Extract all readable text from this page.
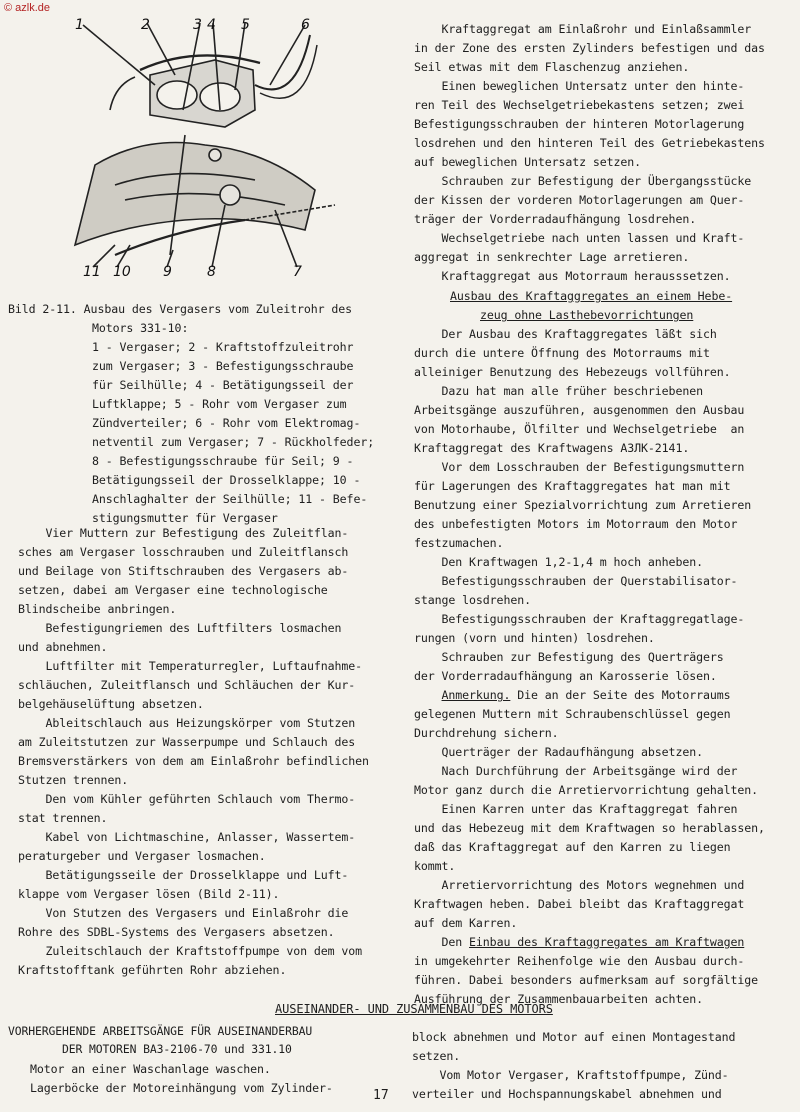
© azlk.de
1	2	3 4 5	6
11 10 9	8	7
Bild 2-11. Ausbau des Vergasers vom Zuleitrohr des
Motors 331-10:
1 - Vergaser; 2 - Kraftstoffzuleitrohr
zum Vergaser; 3 - Befestigungsschraube
für Seilhülle; 4 - Betätigungsseil der
Luftklappe; 5 - Rohr vom Vergaser zum
Zündverteiler; 6 - Rohr vom Elektromag-
netventil zum Vergaser; 7 - Rückholfeder;
8 - Befestigungsschraube für Seil; 9 -
Betätigungsseil der Drosselklappe; 10 -
Anschlaghalter der Seilhülle; 11 - Befe-
stigungsmutter für Vergaser
Vier Muttern zur Befestigung des Zuleitflan-
sches am Vergaser losschrauben und Zuleitflansch
und Beilage von Stiftschrauben des Vergasers ab-
setzen, dabei am Vergaser eine technologische
Blindscheibe anbringen.
Befestigungriemen des Luftfilters losmachen
und abnehmen.
Luftfilter mit Temperaturregler, Luftaufnahme-
schläuchen, Zuleitflansch und Schläuchen der Kur-
belgehäuselüftung absetzen.
Ableitschlauch aus Heizungskörper vom Stutzen
am Zuleitstutzen zur Wasserpumpe und Schlauch des
Bremsverstärkers von dem am Einlaßrohr befindlichen
Stutzen trennen.
Den vom Kühler geführten Schlauch vom Thermo-
stat trennen.
Kabel von Lichtmaschine, Anlasser, Wassertem-
peraturgeber und Vergaser losmachen.
Betätigungsseile der Drosselklappe und Luft-
klappe vom Vergaser lösen (Bild 2-11).
Von Stutzen des Vergasers und Einlaßrohr die
Rohre des SDBL-Systems des Vergasers absetzen.
Zuleitschlauch der Kraftstoffpumpe von dem vom
Kraftstofftank geführten Rohr abziehen.
Kraftaggregat am Einlaßrohr und Einlaßsammler
in der Zone des ersten Zylinders befestigen und das
Seil etwas mit dem Flaschenzug anziehen.
Einen beweglichen Untersatz unter den hinte-
ren Teil des Wechselgetriebekastens setzen; zwei
Befestigungsschrauben der hinteren Motorlagerung
losdrehen und den hinteren Teil des Getriebekastens
auf beweglichen Untersatz setzen.
Schrauben zur Befestigung der Übergangsstücke
der Kissen der vorderen Motorlagerungen am Quer-
träger der Vorderradaufhängung losdrehen.
Wechselgetriebe nach unten lassen und Kraft-
aggregat in senkrechter Lage arretieren.
Kraftaggregat aus Motorraum herausssetzen.
Ausbau des Kraftaggregates an einem Hebe-
zeug ohne Lasthebevorrichtungen
Der Ausbau des Kraftaggregates läßt sich
durch die untere Öffnung des Motorraums mit
alleiniger Benutzung des Hebezeugs vollführen.
Dazu hat man alle früher beschriebenen
Arbeitsgänge auszuführen, ausgenommen den Ausbau
von Motorhaube, Ölfilter und Wechselgetriebe  an
Kraftaggregat des Kraftwagens АЗЛК-2141.
Vor dem Losschrauben der Befestigungsmuttern
für Lagerungen des Kraftaggregates hat man mit
Benutzung einer Spezialvorrichtung zum Arretieren
des unbefestigten Motors im Motorraum den Motor
festzumachen.
Den Kraftwagen 1,2-1,4 m hoch anheben.
Befestigungsschrauben der Querstabilisator-
stange losdrehen.
Befestigungsschrauben der Kraftaggregatlage-
rungen (vorn und hinten) losdrehen.
Schrauben zur Befestigung des Querträgers
der Vorderradaufhängung an Karosserie lösen.
Anmerkung. Die an der Seite des Motorraums
gelegenen Muttern mit Schraubenschlüssel gegen
Durchdrehung sichern.
Querträger der Radaufhängung absetzen.
Nach Durchführung der Arbeitsgänge wird der
Motor ganz durch die Arretiervorrichtung gehalten.
Einen Karren unter das Kraftaggregat fahren
und das Hebezeug mit dem Kraftwagen so herablassen,
daß das Kraftaggregat auf den Karren zu liegen
kommt.
Arretiervorrichtung des Motors wegnehmen und
Kraftwagen heben. Dabei bleibt das Kraftaggregat
auf dem Karren.
Den Einbau des Kraftaggregates am Kraftwagen
in umgekehrter Reihenfolge wie den Ausbau durch-
führen. Dabei besonders aufmerksam auf sorgfältige
Ausführung der Zusammenbauarbeiten achten.
AUSEINANDER- UND ZUSAMMENBAU DES MOTORS
VORHERGEHENDE ARBEITSGÄNGE FÜR AUSEINANDERBAU
DER MOTOREN ВАЗ-2106-70 und 331.10
Motor an einer Waschanlage waschen.
Lagerböcke der Motoreinhängung vom Zylinder-
block abnehmen und Motor auf einen Montagestand
setzen.
Vom Motor Vergaser, Kraftstoffpumpe, Zünd-
verteiler und Hochspannungskabel abnehmen und
17
